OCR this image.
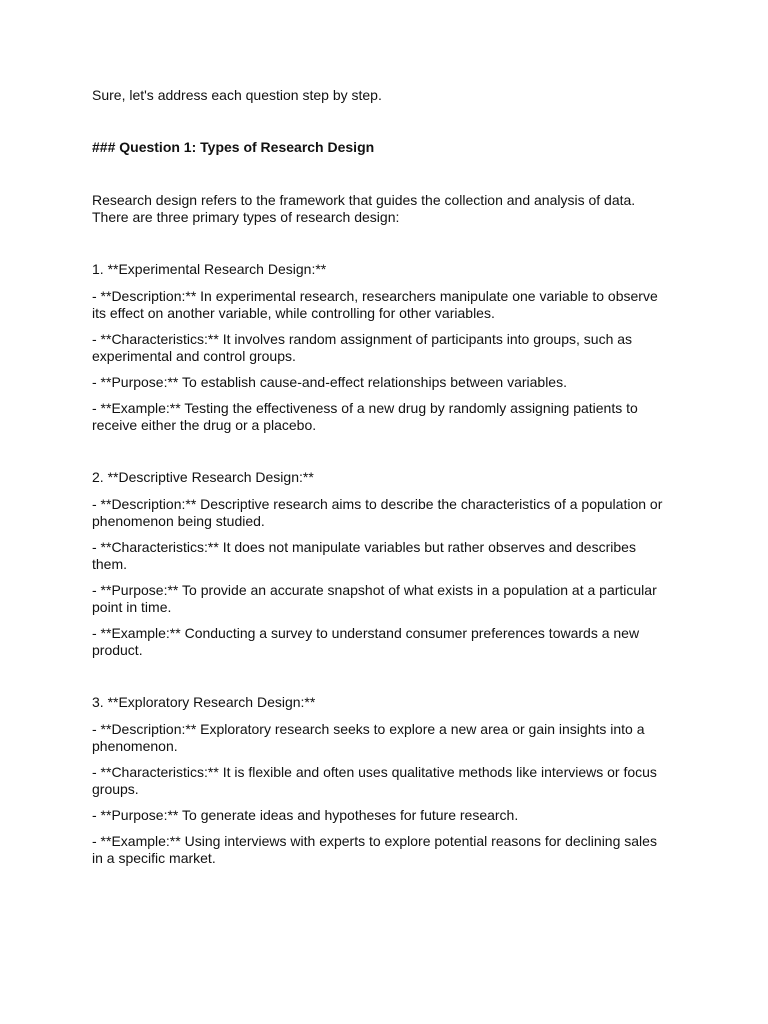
Sure, let's address each question step by step.

### Question 1: Types of Research Design

Research design refers to the framework that guides the collection and analysis of data.

There are three primary types of research design:

1. **Experimental Research Design:**

- **Description:** In experimental research, researchers manipulate one variable to observe

its effect on another variable, while controlling for other variables.

- **Characteristics:** It involves random assignment of participants into groups, such as

experimental and control groups.

- **Purpose:** To establish cause-and-effect relationships between variables.

- **Example:** Testing the effectiveness of a new drug by randomly assigning patients to

receive either the drug or a placebo.

2. **Descriptive Research Design:**

- **Description:** Descriptive research aims to describe the characteristics of a population or

phenomenon being studied.

- **Characteristics:** It does not manipulate variables but rather observes and describes

them.

- **Purpose:** To provide an accurate snapshot of what exists in a population at a particular

point in time.

- **Example:** Conducting a survey to understand consumer preferences towards a new

product.

3. **Exploratory Research Design:**

- **Description:** Exploratory research seeks to explore a new area or gain insights into a

phenomenon.

- **Characteristics:** It is flexible and often uses qualitative methods like interviews or focus

groups.

- **Purpose:** To generate ideas and hypotheses for future research.

- **Example:** Using interviews with experts to explore potential reasons for declining sales

in a specific market.
